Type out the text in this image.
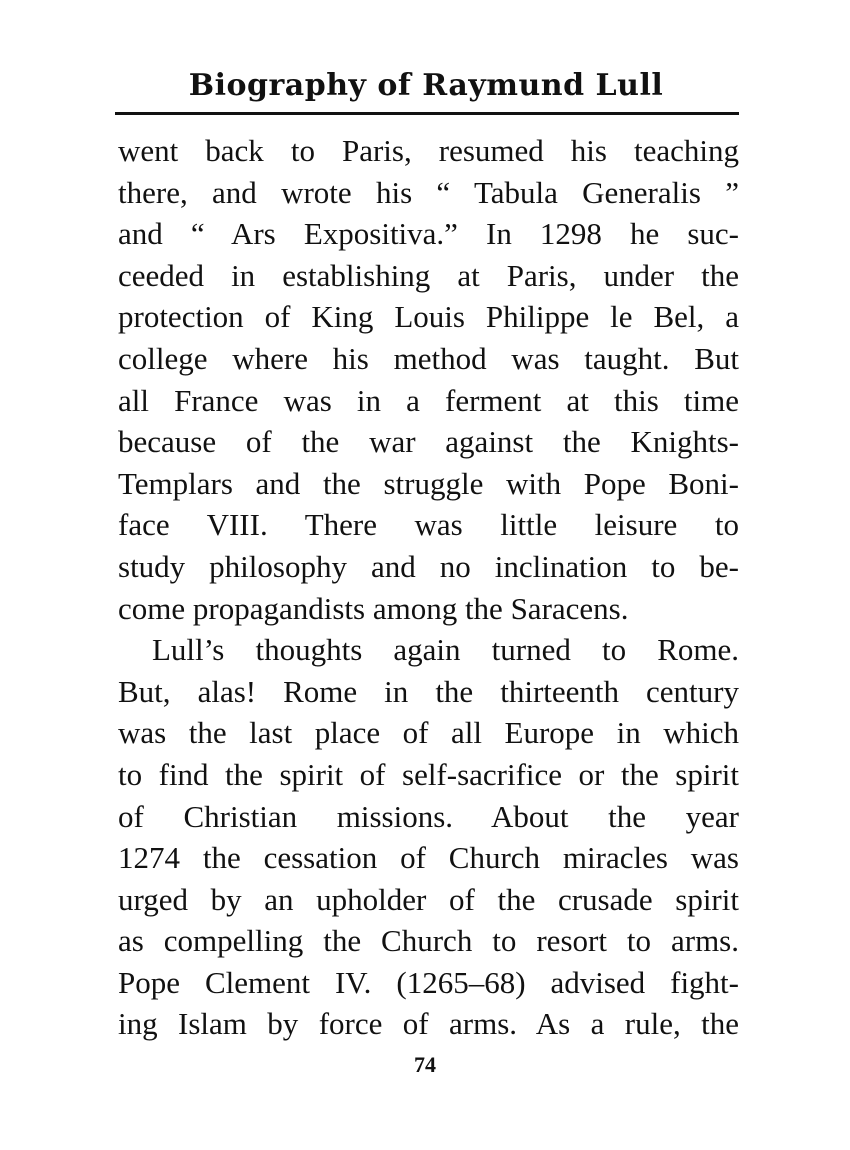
Biography of Raymund Lull
went back to Paris, resumed his teaching
there, and wrote his “ Tabula Generalis ”
and “ Ars Expositiva.” In 1298 he suc-
ceeded in establishing at Paris, under the
protection of King Louis Philippe le Bel, a
college where his method was taught. But
all France was in a ferment at this time
because of the war against the Knights-
Templars and the struggle with Pope Boni-
face VIII. There was little leisure to
study philosophy and no inclination to be-
come propagandists among the Saracens.
Lull’s thoughts again turned to Rome.
But, alas! Rome in the thirteenth century
was the last place of all Europe in which
to find the spirit of self-sacrifice or the spirit
of Christian missions. About the year
1274 the cessation of Church miracles was
urged by an upholder of the crusade spirit
as compelling the Church to resort to arms.
Pope Clement IV. (1265–68) advised fight-
ing Islam by force of arms. As a rule, the
74
